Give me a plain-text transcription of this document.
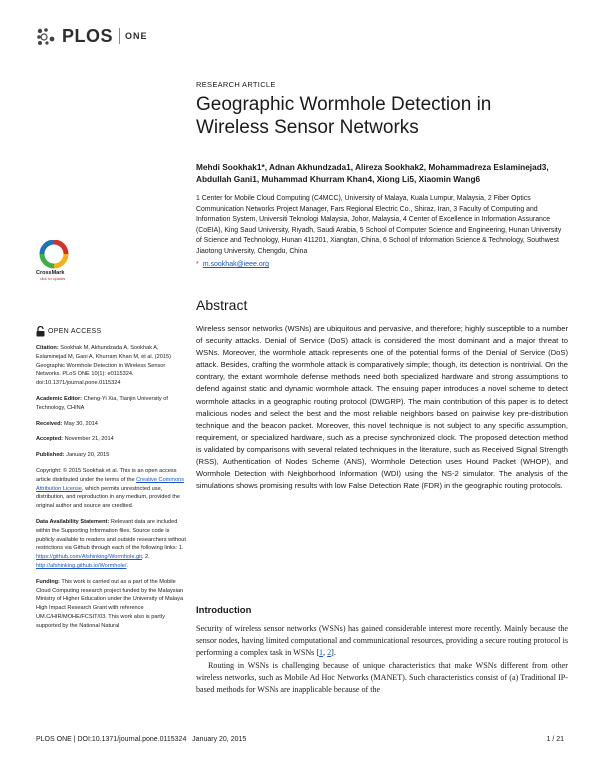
PLOS ONE
RESEARCH ARTICLE
Geographic Wormhole Detection in Wireless Sensor Networks
Mehdi Sookhak1*, Adnan Akhundzada1, Alireza Sookhak2, Mohammadreza Eslaminejad3, Abdullah Gani1, Muhammad Khurram Khan4, Xiong Li5, Xiaomin Wang6
1 Center for Mobile Cloud Computing (C4MCC), University of Malaya, Kuala Lumpur, Malaysia, 2 Fiber Optics Communication Networks Project Manager, Fars Regional Electric Co., Shiraz, Iran, 3 Faculty of Computing and Information System, Universiti Teknologi Malaysia, Johor, Malaysia, 4 Center of Excellence in Information Assurance (CoEIA), King Saud University, Riyadh, Saudi Arabia, 5 School of Computer Science and Engineering, Hunan University of Science and Technology, Hunan 411201, Xiangtan, China, 6 School of Information Science & Technology, Southwest Jiaotong University, Chengdu, China
* m.sookhak@ieee.org
CrossMark
click for updates
OPEN ACCESS

Citation: Sookhak M, Akhundzada A, Sookhak A, Eslaminejad M, Gani A, Khurram Khan M, et al. (2015) Geographic Wormhole Detection in Wireless Sensor Networks. PLoS ONE 10(1): e0115324. doi:10.1371/journal.pone.0115324

Academic Editor: Cheng-Yi Xia, Tianjin University of Technology, CHINA

Received: May 30, 2014

Accepted: November 21, 2014

Published: January 20, 2015

Copyright: © 2015 Sookhak et al. This is an open access article distributed under the terms of the Creative Commons Attribution License, which permits unrestricted use, distribution, and reproduction in any medium, provided the original author and source are credited.

Data Availability Statement: Relevant data are included within the Supporting Information files. Source code is publicly available to readers and outside researchers without restrictions via Github through each of the following links: 1. https://github.com/Afshinking/Wormhole.git, 2. http://afshinking.github.io/Wormhole/.

Funding: This work is carried out as a part of the Mobile Cloud Computing research project funded by the Malaysian Ministry of Higher Education under the University of Malaya High Impact Research Grant with reference UM.C/HIR/MOHE/FCSIT/03. This work also is partly supported by the National Natural

Abstract
Wireless sensor networks (WSNs) are ubiquitous and pervasive, and therefore; highly susceptible to a number of security attacks. Denial of Service (DoS) attack is considered the most dominant and a major threat to WSNs. Moreover, the wormhole attack represents one of the potential forms of the Denial of Service (DoS) attack. Besides, crafting the wormhole attack is comparatively simple; though, its detection is nontrivial. On the contrary, the extant wormhole defense methods need both specialized hardware and strong assumptions to defend against static and dynamic wormhole attack. The ensuing paper introduces a novel scheme to detect wormhole attacks in a geographic routing protocol (DWGRP). The main contribution of this paper is to detect malicious nodes and select the best and the most reliable neighbors based on pairwise key pre-distribution technique and the beacon packet. Moreover, this novel technique is not subject to any specific assumption, requirement, or specialized hardware, such as a precise synchronized clock. The proposed detection method is validated by comparisons with several related techniques in the literature, such as Received Signal Strength (RSS), Authentication of Nodes Scheme (ANS), Wormhole Detection uses Hound Packet (WHOP), and Wormhole Detection with Neighborhood Information (WDI) using the NS-2 simulator. The analysis of the simulations shows promising results with low False Detection Rate (FDR) in the geographic routing protocols.
Introduction

Security of wireless sensor networks (WSNs) has gained considerable interest more recently. Mainly because the sensor nodes, having limited computational and communicational resources, providing a secure routing protocol is performing a complex task in WSNs [1, 2].

Routing in WSNs is challenging because of unique characteristics that make WSNs different from other wireless networks, such as Mobile Ad Hoc Networks (MANET). Such characteristics consist of (a) Traditional IP-based methods for WSNs are inapplicable because of the

PLOS ONE | DOI:10.1371/journal.pone.0115324   January 20, 2015	1 / 21
